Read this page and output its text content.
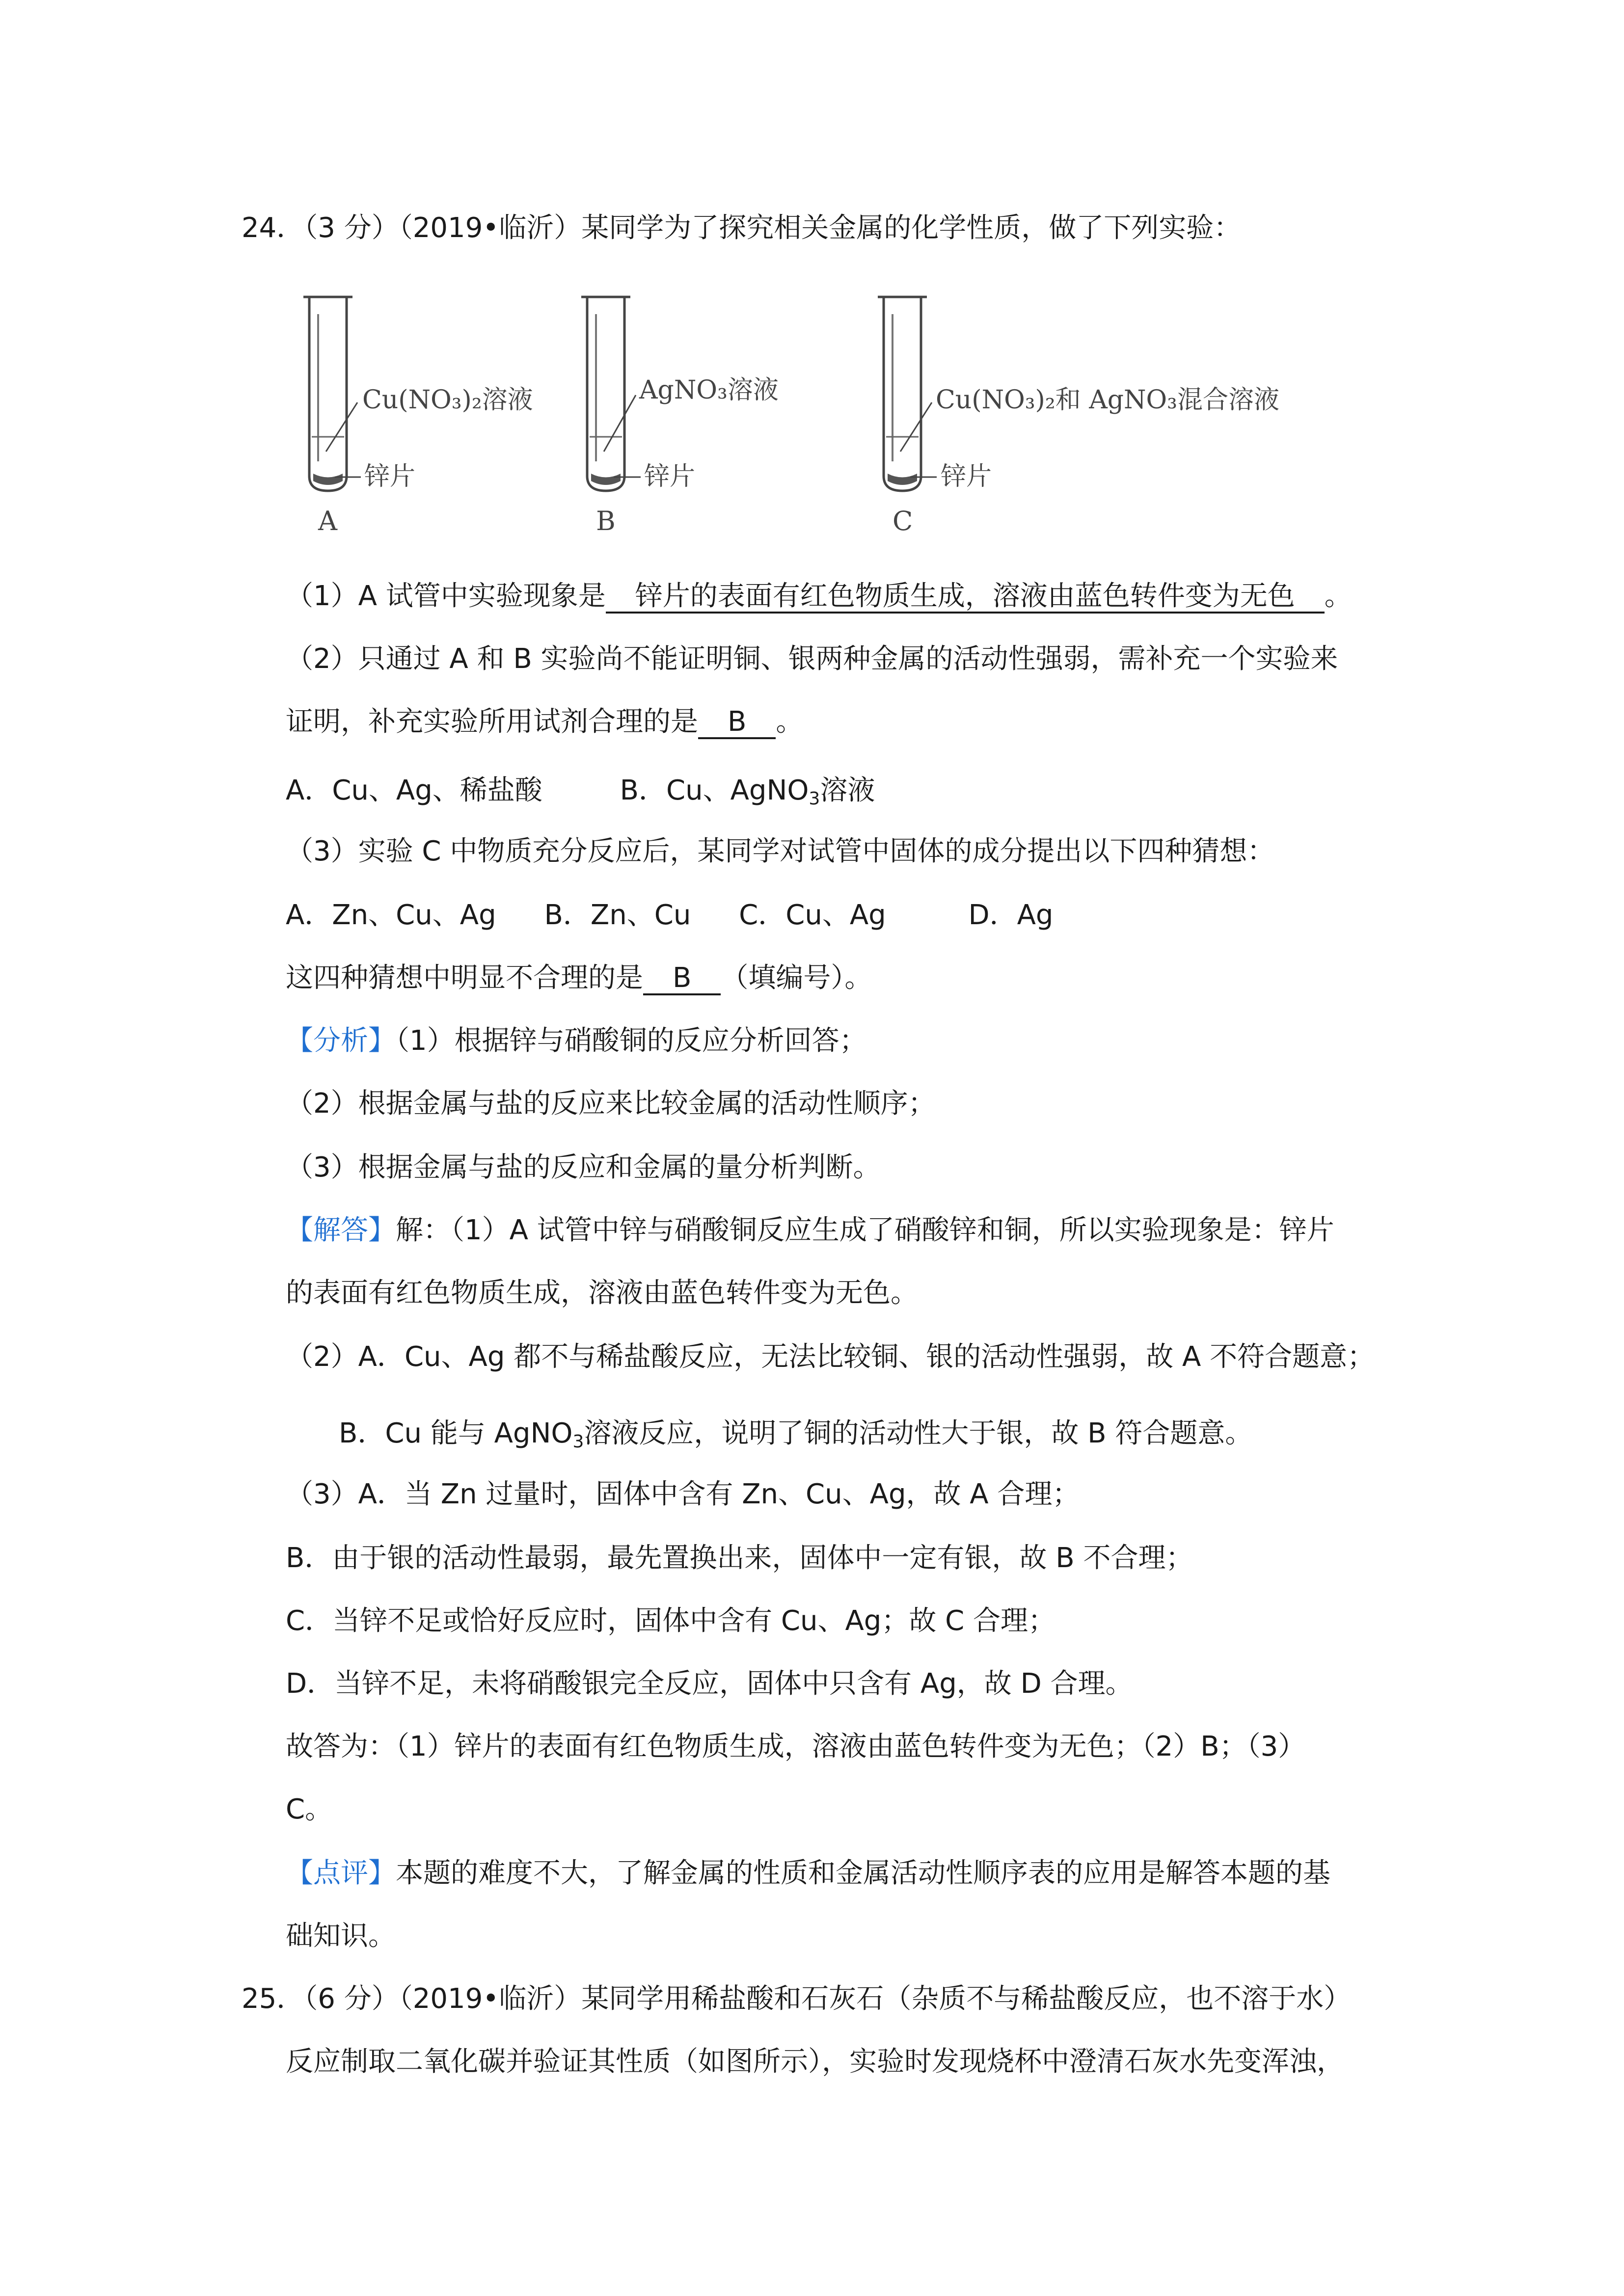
24．（3 分）（2019•临沂）某同学为了探究相关金属的化学性质，做了下列实验：
Cu(NO₃)₂溶液
锌片
A
AgNO₃溶液
锌片
B
Cu(NO₃)₂和 AgNO₃混合溶液
锌片
C
（1）A 试管中实验现象是 锌片的表面有红色物质生成，溶液由蓝色转件变为无色 。
（2）只通过 A 和 B 实验尚不能证明铜、银两种金属的活动性强弱，需补充一个实验来
证明，补充实验所用试剂合理的是 B 。
A．Cu、Ag、稀盐酸	B．Cu、AgNO$_3$溶液
（3）实验 C 中物质充分反应后，某同学对试管中固体的成分提出以下四种猜想：
A．Zn、Cu、Ag B．Zn、Cu C．Cu、Ag	D．Ag
这四种猜想中明显不合理的是 B （填编号）。
【分析】（1）根据锌与硝酸铜的反应分析回答；
（2）根据金属与盐的反应来比较金属的活动性顺序；
（3）根据金属与盐的反应和金属的量分析判断。
【解答】解：（1）A 试管中锌与硝酸铜反应生成了硝酸锌和铜，所以实验现象是：锌片
的表面有红色物质生成，溶液由蓝色转件变为无色。
（2）A．Cu、Ag 都不与稀盐酸反应，无法比较铜、银的活动性强弱，故 A 不符合题意；
B．Cu 能与 AgNO$_3$溶液反应，说明了铜的活动性大于银，故 B 符合题意。
（3）A．当 Zn 过量时，固体中含有 Zn、Cu、Ag，故 A 合理；
B．由于银的活动性最弱，最先置换出来，固体中一定有银，故 B 不合理；
C．当锌不足或恰好反应时，固体中含有 Cu、Ag；故 C 合理；
D．当锌不足，未将硝酸银完全反应，固体中只含有 Ag，故 D 合理。
故答为：（1）锌片的表面有红色物质生成，溶液由蓝色转件变为无色；（2）B；（3）
C。
【点评】本题的难度不大，了解金属的性质和金属活动性顺序表的应用是解答本题的基
础知识。
25．（6 分）（2019•临沂）某同学用稀盐酸和石灰石（杂质不与稀盐酸反应，也不溶于水）
反应制取二氧化碳并验证其性质（如图所示），实验时发现烧杯中澄清石灰水先变浑浊，
